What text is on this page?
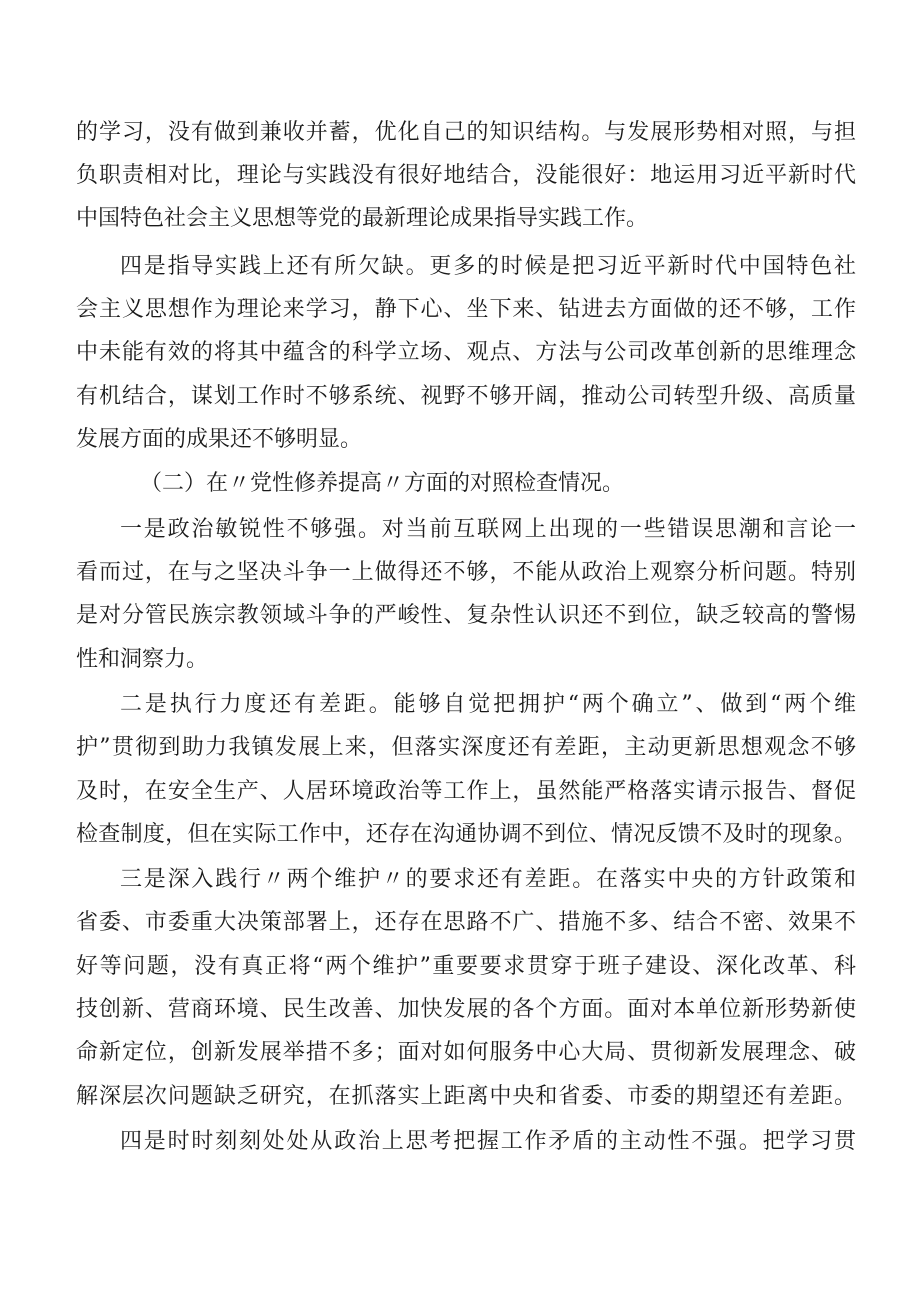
的学习，没有做到兼收并蓄，优化自己的知识结构。与发展形势相对照，与担
负职责相对比，理论与实践没有很好地结合，没能很好：地运用习近平新时代
中国特色社会主义思想等党的最新理论成果指导实践工作。
四是指导实践上还有所欠缺。更多的时候是把习近平新时代中国特色社
会主义思想作为理论来学习，静下心、坐下来、钻进去方面做的还不够，工作
中未能有效的将其中蕴含的科学立场、观点、方法与公司改革创新的思维理念
有机结合，谋划工作时不够系统、视野不够开阔，推动公司转型升级、高质量
发展方面的成果还不够明显。
（二）在〃党性修养提高〃方面的对照检查情况。
一是政治敏锐性不够强。对当前互联网上出现的一些错误思潮和言论一
看而过，在与之坚决斗争一上做得还不够，不能从政治上观察分析问题。特别
是对分管民族宗教领域斗争的严峻性、复杂性认识还不到位，缺乏较高的警惕
性和洞察力。
二是执行力度还有差距。能够自觉把拥护“两个确立”、做到“两个维
护”贯彻到助力我镇发展上来，但落实深度还有差距，主动更新思想观念不够
及时，在安全生产、人居环境政治等工作上，虽然能严格落实请示报告、督促
检查制度，但在实际工作中，还存在沟通协调不到位、情况反馈不及时的现象。
三是深入践行〃两个维护〃的要求还有差距。在落实中央的方针政策和
省委、市委重大决策部署上，还存在思路不广、措施不多、结合不密、效果不
好等问题，没有真正将“两个维护”重要要求贯穿于班子建设、深化改革、科
技创新、营商环境、民生改善、加快发展的各个方面。面对本单位新形势新使
命新定位，创新发展举措不多；面对如何服务中心大局、贯彻新发展理念、破
解深层次问题缺乏研究，在抓落实上距离中央和省委、市委的期望还有差距。
四是时时刻刻处处从政治上思考把握工作矛盾的主动性不强。把学习贯
